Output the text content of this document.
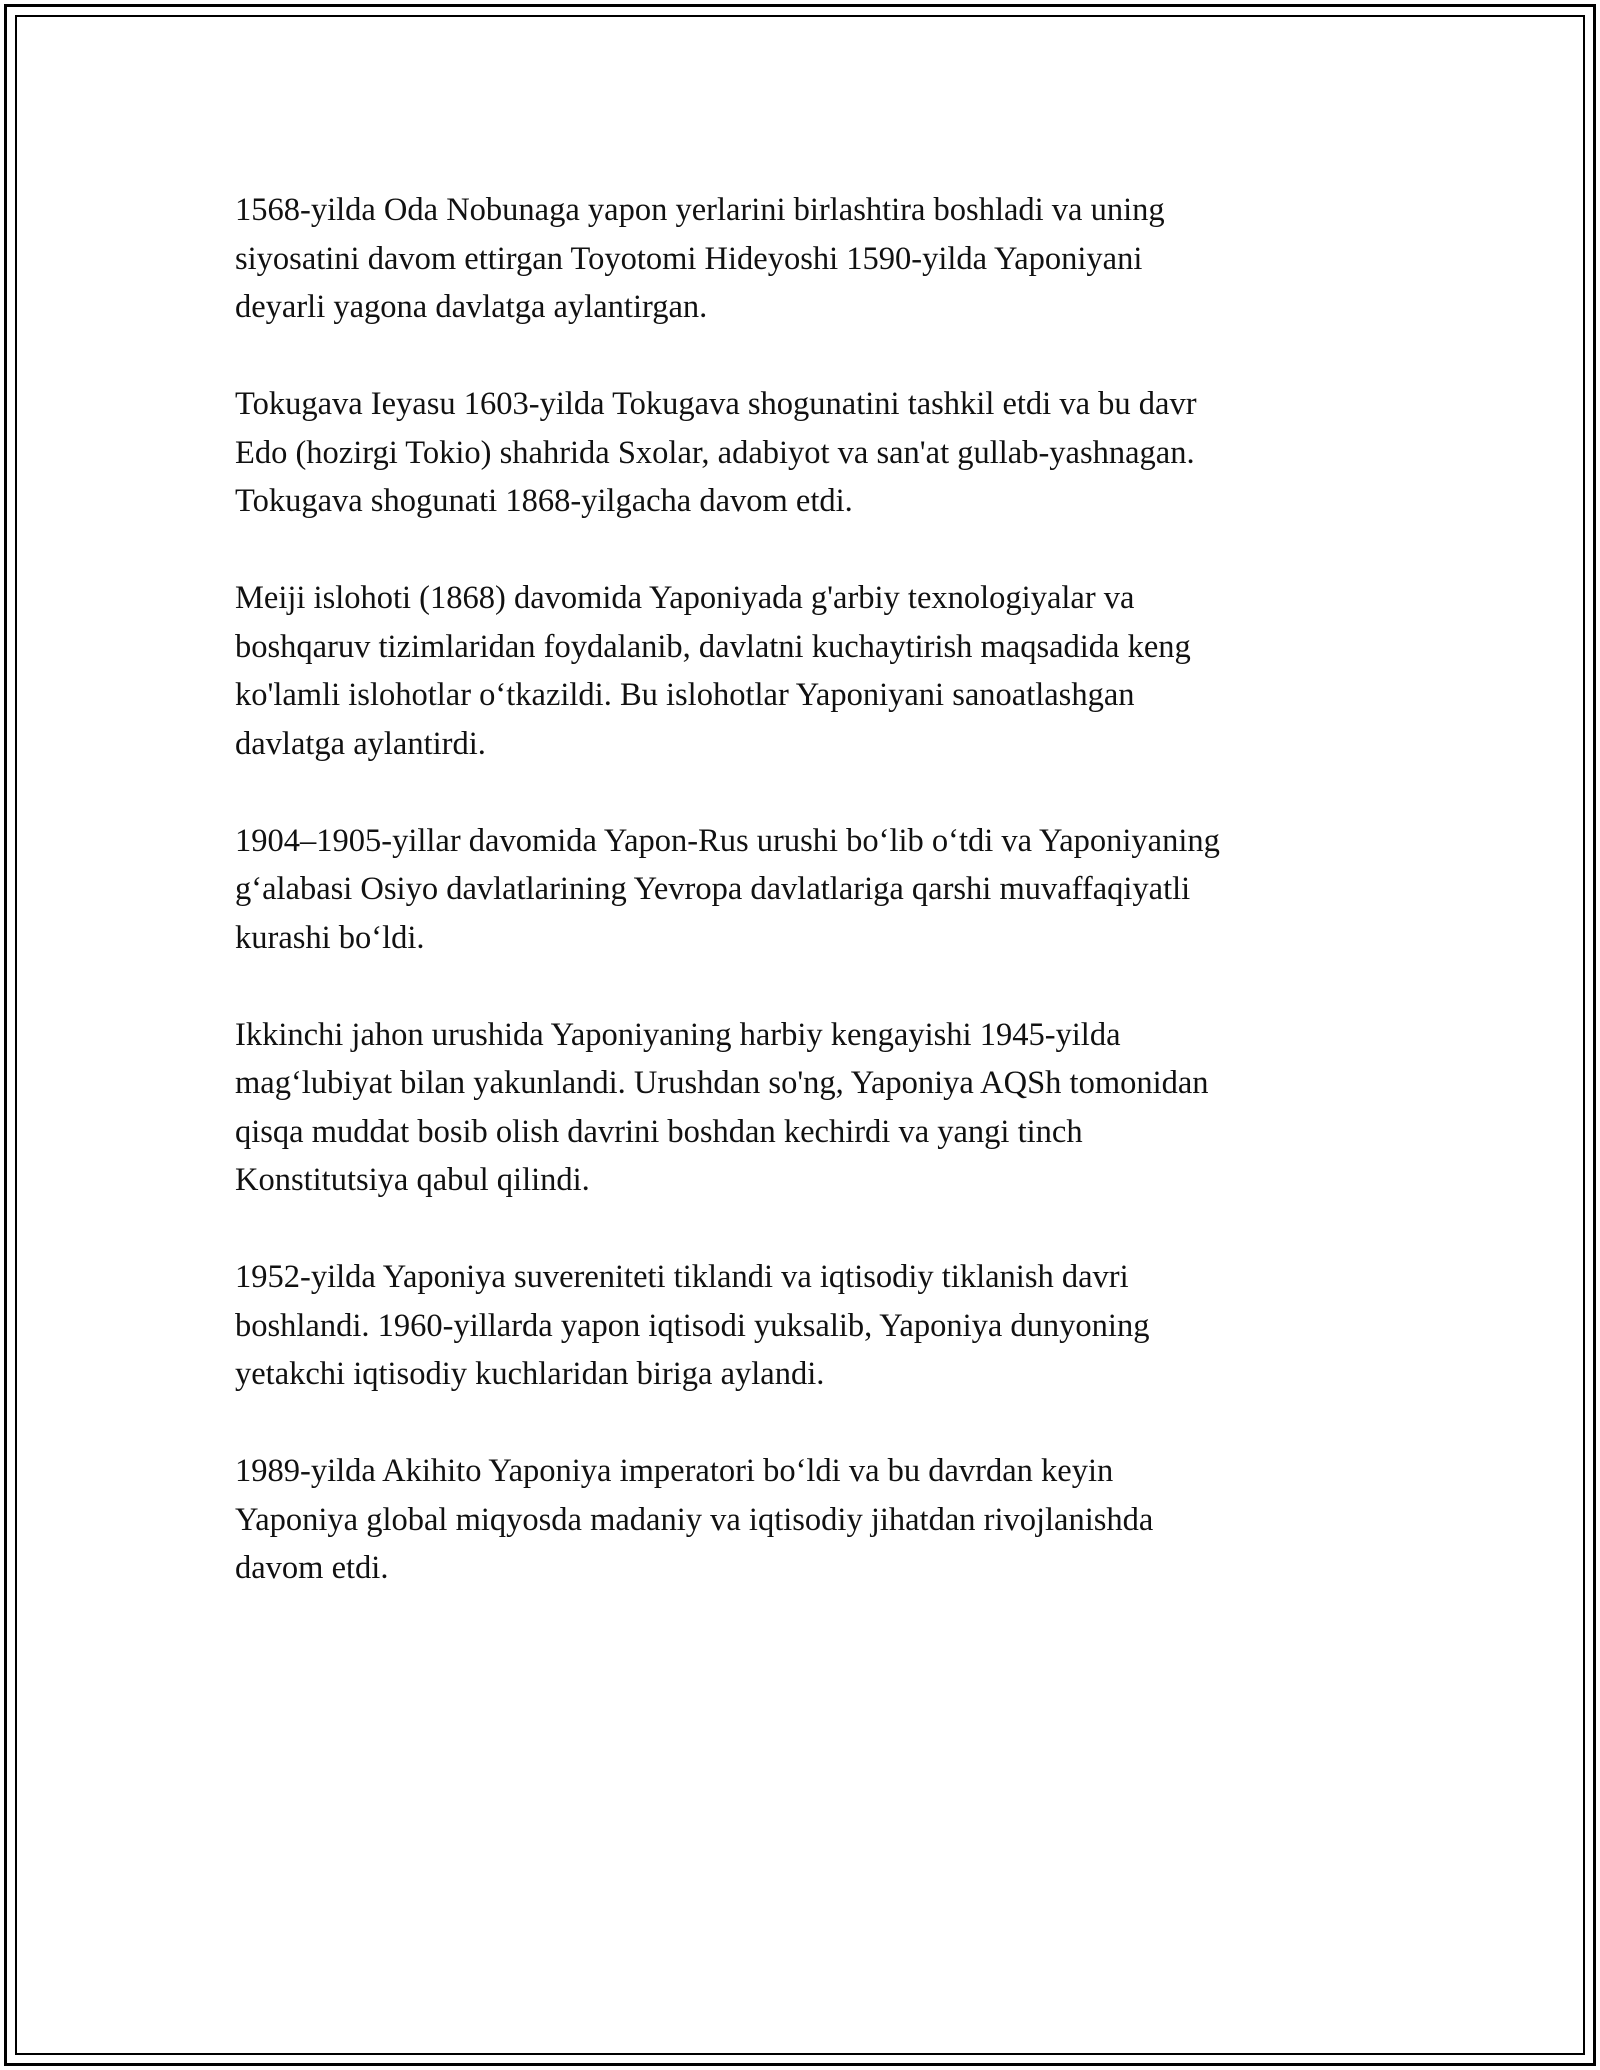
1568-yilda Oda Nobunaga yapon yerlarini birlashtira boshladi va uning
siyosatini davom ettirgan Toyotomi Hideyoshi 1590-yilda Yaponiyani
deyarli yagona davlatga aylantirgan.

Tokugava Ieyasu 1603-yilda Tokugava shogunatini tashkil etdi va bu davr
Edo (hozirgi Tokio) shahrida Sxolar, adabiyot va san'at gullab-yashnagan.
Tokugava shogunati 1868-yilgacha davom etdi.

Meiji islohoti (1868) davomida Yaponiyada g'arbiy texnologiyalar va
boshqaruv tizimlaridan foydalanib, davlatni kuchaytirish maqsadida keng
ko'lamli islohotlar oʻtkazildi. Bu islohotlar Yaponiyani sanoatlashgan
davlatga aylantirdi.

1904–1905-yillar davomida Yapon-Rus urushi boʻlib oʻtdi va Yaponiyaning
gʻalabasi Osiyo davlatlarining Yevropa davlatlariga qarshi muvaffaqiyatli
kurashi boʻldi.

Ikkinchi jahon urushida Yaponiyaning harbiy kengayishi 1945-yilda
magʻlubiyat bilan yakunlandi. Urushdan so'ng, Yaponiya AQSh tomonidan
qisqa muddat bosib olish davrini boshdan kechirdi va yangi tinch
Konstitutsiya qabul qilindi.

1952-yilda Yaponiya suvereniteti tiklandi va iqtisodiy tiklanish davri
boshlandi. 1960-yillarda yapon iqtisodi yuksalib, Yaponiya dunyoning
yetakchi iqtisodiy kuchlaridan biriga aylandi.

1989-yilda Akihito Yaponiya imperatori boʻldi va bu davrdan keyin
Yaponiya global miqyosda madaniy va iqtisodiy jihatdan rivojlanishda
davom etdi.
